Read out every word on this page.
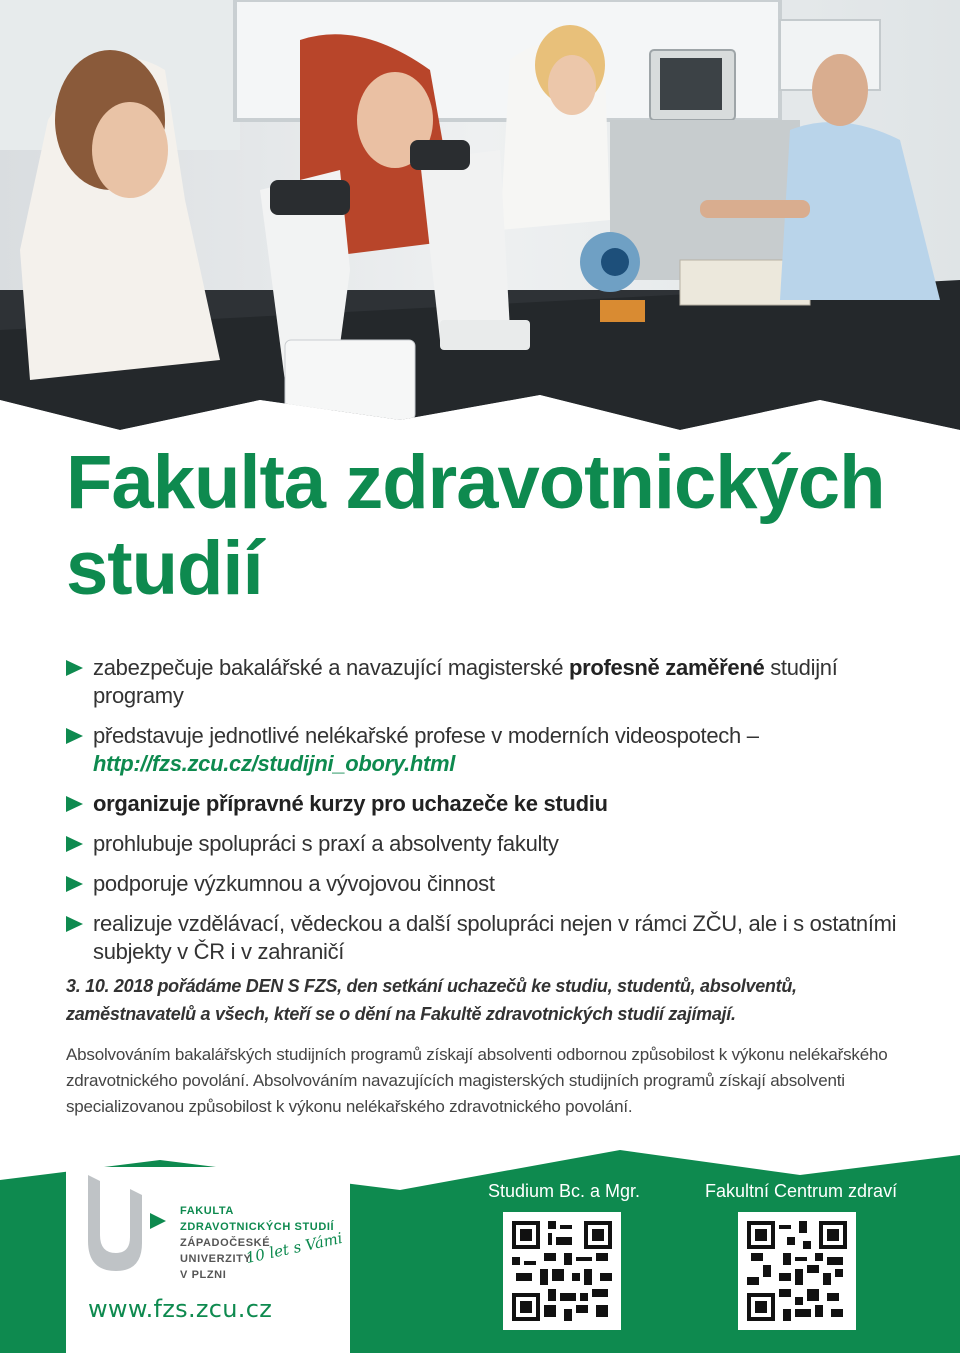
Fakulta zdravotnických
studií
zabezpečuje bakalářské a navazující magisterské profesně zaměřené studijní programy
představuje jednotlivé nelékařské profese v moderních videospotech –
http://fzs.zcu.cz/studijni_obory.html
organizuje přípravné kurzy pro uchazeče ke studiu
prohlubuje spolupráci s praxí a absolventy fakulty
podporuje výzkumnou a vývojovou činnost
realizuje vzdělávací, vědeckou a další spolupráci nejen v rámci ZČU, ale i s ostatními subjekty v ČR i v zahraničí

3. 10. 2018 pořádáme DEN S FZS, den setkání uchazečů ke studiu, studentů, absolventů, zaměstnavatelů a všech, kteří se o dění na Fakultě zdravotnických studií zajímají.

Absolvováním bakalářských studijních programů získají absolventi odbornou způsobilost k výkonu nelékařského zdravotnického povolání. Absolvováním navazujících magisterských studijních programů získají absolventi specializovanou způsobilost k výkonu nelékařského zdravotnického povolání.

FAKULTA
ZDRAVOTNICKÝCH STUDIÍ
ZÁPADOČESKÉ
UNIVERZITY
V PLZNI
10 let s Vámi
www.fzs.zcu.cz
Studium Bc. a Mgr.	Fakultní Centrum zdraví
